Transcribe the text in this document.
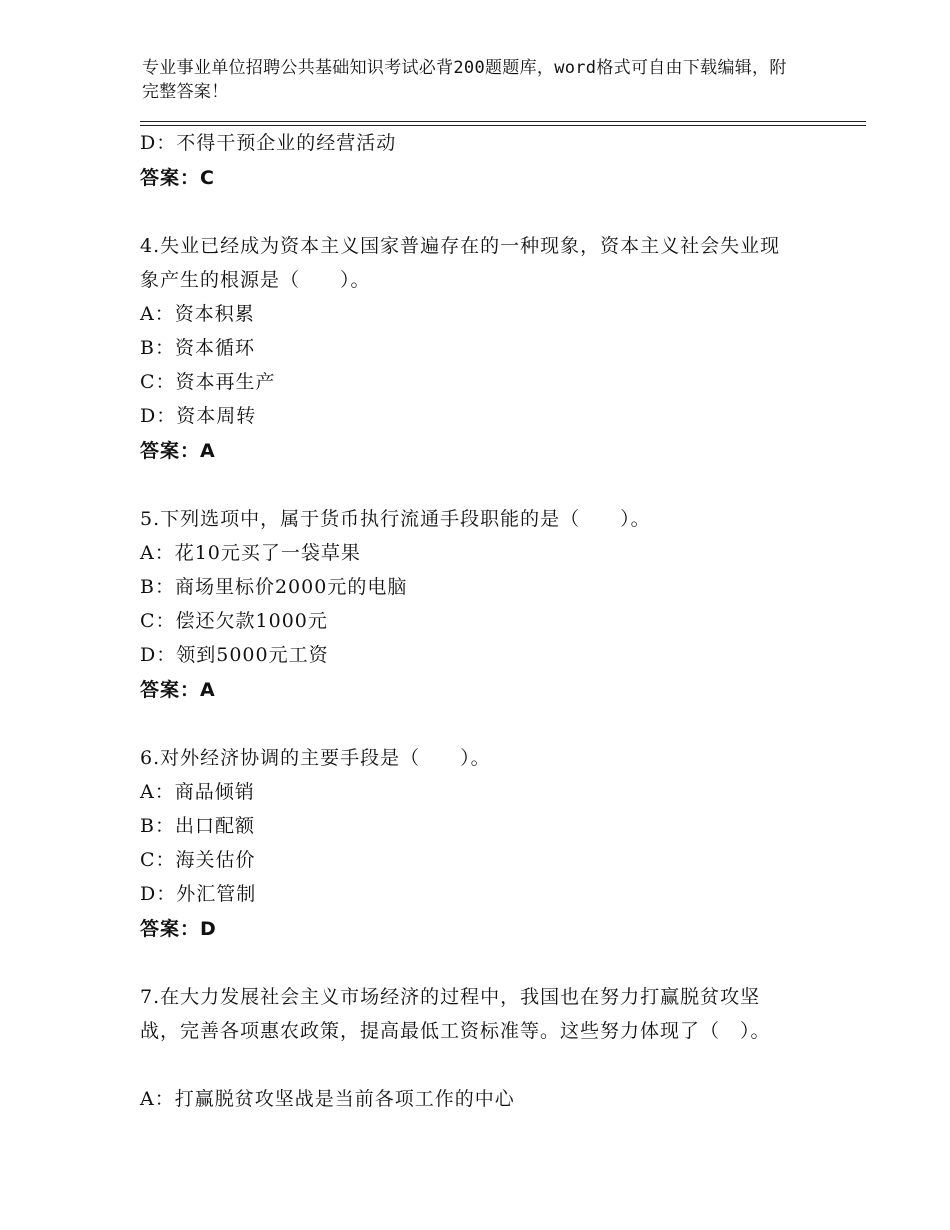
专业事业单位招聘公共基础知识考试必背200题题库，word格式可自由下载编辑，附完整答案！
D：不得干预企业的经营活动
答案：C
4.失业已经成为资本主义国家普遍存在的一种现象，资本主义社会失业现象产生的根源是（　　）。
A：资本积累
B：资本循环
C：资本再生产
D：资本周转
答案：A
5.下列选项中，属于货币执行流通手段职能的是（　　）。
A：花10元买了一袋草果
B：商场里标价2000元的电脑
C：偿还欠款1000元
D：领到5000元工资
答案：A
6.对外经济协调的主要手段是（　　）。
A：商品倾销
B：出口配额
C：海关估价
D：外汇管制
答案：D
7.在大力发展社会主义市场经济的过程中，我国也在努力打赢脱贫攻坚战，完善各项惠农政策，提高最低工资标准等。这些努力体现了（　）。
A：打赢脱贫攻坚战是当前各项工作的中心
